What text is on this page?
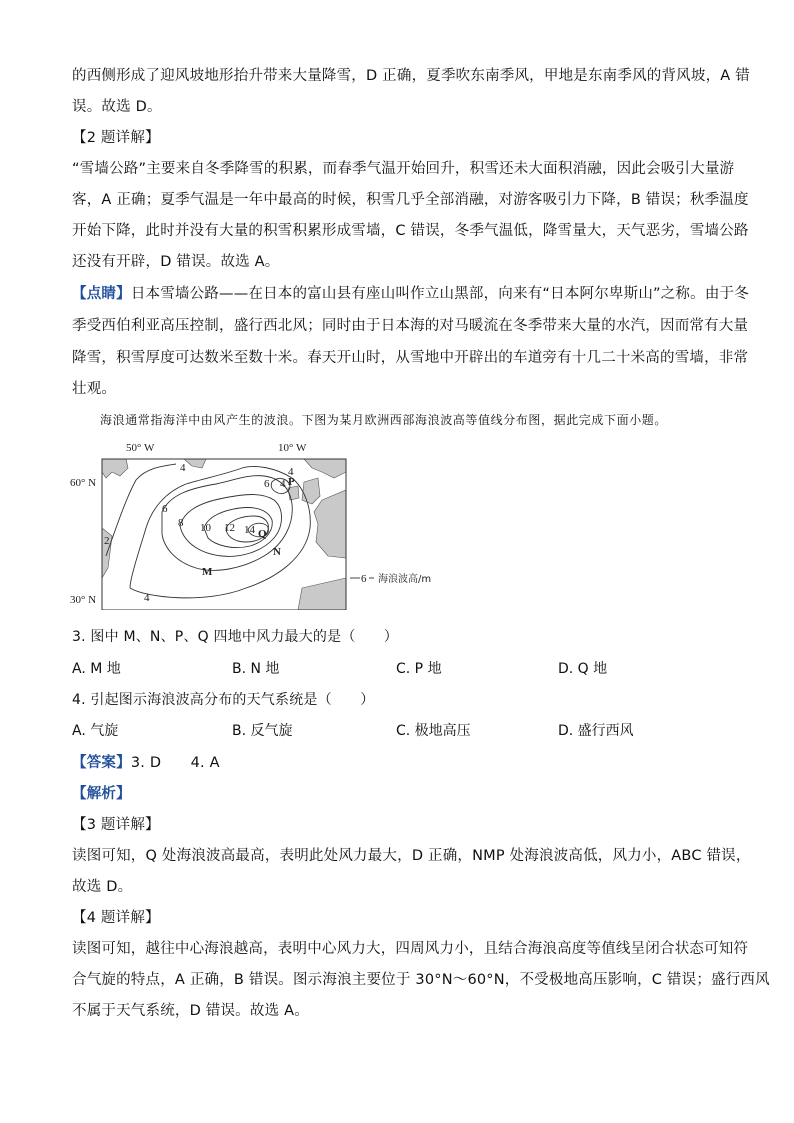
的西侧形成了迎风坡地形抬升带来大量降雪，D 正确，夏季吹东南季风，甲地是东南季风的背风坡，A 错
误。故选 D。
【2 题详解】
“雪墙公路”主要来自冬季降雪的积累，而春季气温开始回升，积雪还未大面积消融，因此会吸引大量游
客，A 正确；夏季气温是一年中最高的时候，积雪几乎全部消融，对游客吸引力下降，B 错误；秋季温度
开始下降，此时并没有大量的积雪积累形成雪墙，C 错误，冬季气温低，降雪量大，天气恶劣，雪墙公路
还没有开辟，D 错误。故选 A。
【点睛】日本雪墙公路——在日本的富山县有座山叫作立山黑部，向来有“日本阿尔卑斯山”之称。由于冬
季受西伯利亚高压控制，盛行西北风；同时由于日本海的对马暖流在冬季带来大量的水汽，因而常有大量
降雪，积雪厚度可达数米至数十米。春天开山时，从雪地中开辟出的车道旁有十几二十米高的雪墙，非常
壮观。
海浪通常指海洋中由风产生的波浪。下图为某月欧洲西部海浪波高等值线分布图，据此完成下面小题。
50° W	10° W
60° N
30° N
4	4
6 4
6
8 10 12 14
2
4
P
Q
N
M
6 海浪波高/m
3. 图中 M、N、P、Q 四地中风力最大的是（　　）
A. M 地	B. N 地	C. P 地	D. Q 地
4. 引起图示海浪波高分布的天气系统是（　　）
A. 气旋	B. 反气旋	C. 极地高压	D. 盛行西风
【答案】3. D　　4. A
【解析】
【3 题详解】
读图可知，Q 处海浪波高最高，表明此处风力最大，D 正确，NMP 处海浪波高低，风力小，ABC 错误，
故选 D。
【4 题详解】
读图可知，越往中心海浪越高，表明中心风力大，四周风力小，且结合海浪高度等值线呈闭合状态可知符
合气旋的特点，A 正确，B 错误。图示海浪主要位于 30°N～60°N，不受极地高压影响，C 错误；盛行西风
不属于天气系统，D 错误。故选 A。
